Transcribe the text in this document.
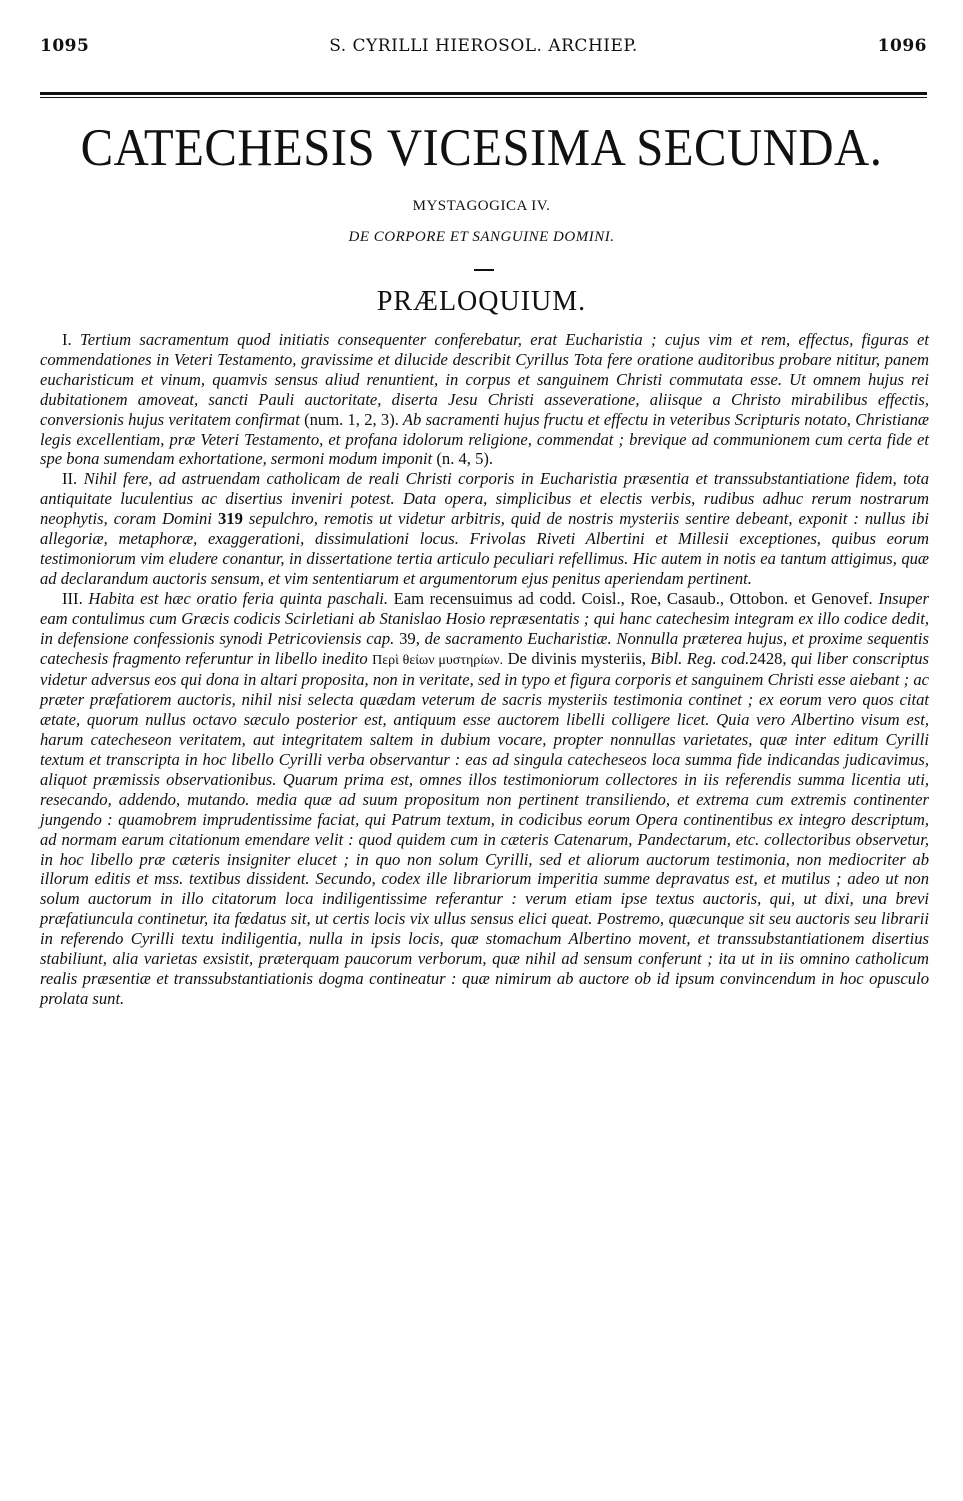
1095	S. CYRILLI HIEROSOL. ARCHIEP.	1096
CATECHESIS VICESIMA SECUNDA.
MYSTAGOGICA IV.
DE CORPORE ET SANGUINE DOMINI.
PRÆLOQUIUM.

I. Tertium sacramentum quod initiatis consequenter conferebatur, erat Eucharistia ; cujus vim et rem, effectus, figuras et commendationes in Veteri Testamento, gravissime et dilucide describit Cyrillus Tota fere oratione auditoribus probare nititur, panem eucharisticum et vinum, quamvis sensus aliud renuntient, in corpus et sanguinem Christi commutata esse. Ut omnem hujus rei dubitationem amoveat, sancti Pauli auctoritate, diserta Jesu Christi asseveratione, aliisque a Christo mirabilibus effectis, conversionis hujus veritatem confirmat (num. 1, 2, 3). Ab sacramenti hujus fructu et effectu in veteribus Scripturis notato, Christianæ legis excellentiam, præ Veteri Testamento, et profana idolorum religione, commendat ; brevique ad communionem cum certa fide et spe bona sumendam exhortatione, sermoni modum imponit (n. 4, 5).

II. Nihil fere, ad astruendam catholicam de reali Christi corporis in Eucharistia præsentia et transsubstantiatione fidem, tota antiquitate luculentius ac disertius inveniri potest. Data opera, simplicibus et electis verbis, rudibus adhuc rerum nostrarum neophytis, coram Domini 319 sepulchro, remotis ut videtur arbitris, quid de nostris mysteriis sentire debeant, exponit : nullus ibi allegoriæ, metaphoræ, exaggerationi, dissimulationi locus. Frivolas Riveti Albertini et Millesii exceptiones, quibus eorum testimoniorum vim eludere conantur, in dissertatione tertia articulo peculiari refellimus. Hic autem in notis ea tantum attigimus, quæ ad declarandum auctoris sensum, et vim sententiarum et argumentorum ejus penitus aperiendam pertinent.

III. Habita est hæc oratio feria quinta paschali. Eam recensuimus ad codd. Coisl., Roe, Casaub., Ottobon. et Genovef. Insuper eam contulimus cum Græcis codicis Scirletiani ab Stanislao Hosio repræsentatis ; qui hanc catechesim integram ex illo codice dedit, in defensione confessionis synodi Petricoviensis cap. 39, de sacramento Eucharistiæ. Nonnulla præterea hujus, et proxime sequentis catechesis fragmento referuntur in libello inedito Περὶ θείων μυστηρίων. De divinis mysteriis, Bibl. Reg. cod.2428, qui liber conscriptus videtur adversus eos qui dona in altari proposita, non in veritate, sed in typo et figura corporis et sanguinem Christi esse aiebant ; ac præter præfatiorem auctoris, nihil nisi selecta quædam veterum de sacris mysteriis testimonia continet ; ex eorum vero quos citat ætate, quorum nullus octavo sæculo posterior est, antiquum esse auctorem libelli colligere licet. Quia vero Albertino visum est, harum catecheseon veritatem, aut integritatem saltem in dubium vocare, propter nonnullas varietates, quæ inter editum Cyrilli textum et transcripta in hoc libello Cyrilli verba observantur : eas ad singula catecheseos loca summa fide indicandas judicavimus, aliquot præmissis observationibus. Quarum prima est, omnes illos testimoniorum collectores in iis referendis summa licentia uti, resecando, addendo, mutando. media quæ ad suum propositum non pertinent transiliendo, et extrema cum extremis continenter jungendo : quamobrem imprudentissime faciat, qui Patrum textum, in codicibus eorum Opera continentibus ex integro descriptum, ad normam earum citationum emendare velit : quod quidem cum in cæteris Catenarum, Pandectarum, etc. collectoribus observetur, in hoc libello præ cæteris insigniter elucet ; in quo non solum Cyrilli, sed et aliorum auctorum testimonia, non mediocriter ab illorum editis et mss. textibus dissident. Secundo, codex ille librariorum imperitia summe depravatus est, et mutilus ; adeo ut non solum auctorum in illo citatorum loca indiligentissime referantur : verum etiam ipse textus auctoris, qui, ut dixi, una brevi præfatiuncula continetur, ita fœdatus sit, ut certis locis vix ullus sensus elici queat. Postremo, quæcunque sit seu auctoris seu librarii in referendo Cyrilli textu indiligentia, nulla in ipsis locis, quæ stomachum Albertino movent, et transsubstantiationem disertius stabiliunt, alia varietas exsistit, præterquam paucorum verborum, quæ nihil ad sensum conferunt ; ita ut in iis omnino catholicum realis præsentiæ et transsubstantiationis dogma contineatur : quæ nimirum ab auctore ob id ipsum convincendum in hoc opusculo prolata sunt.
